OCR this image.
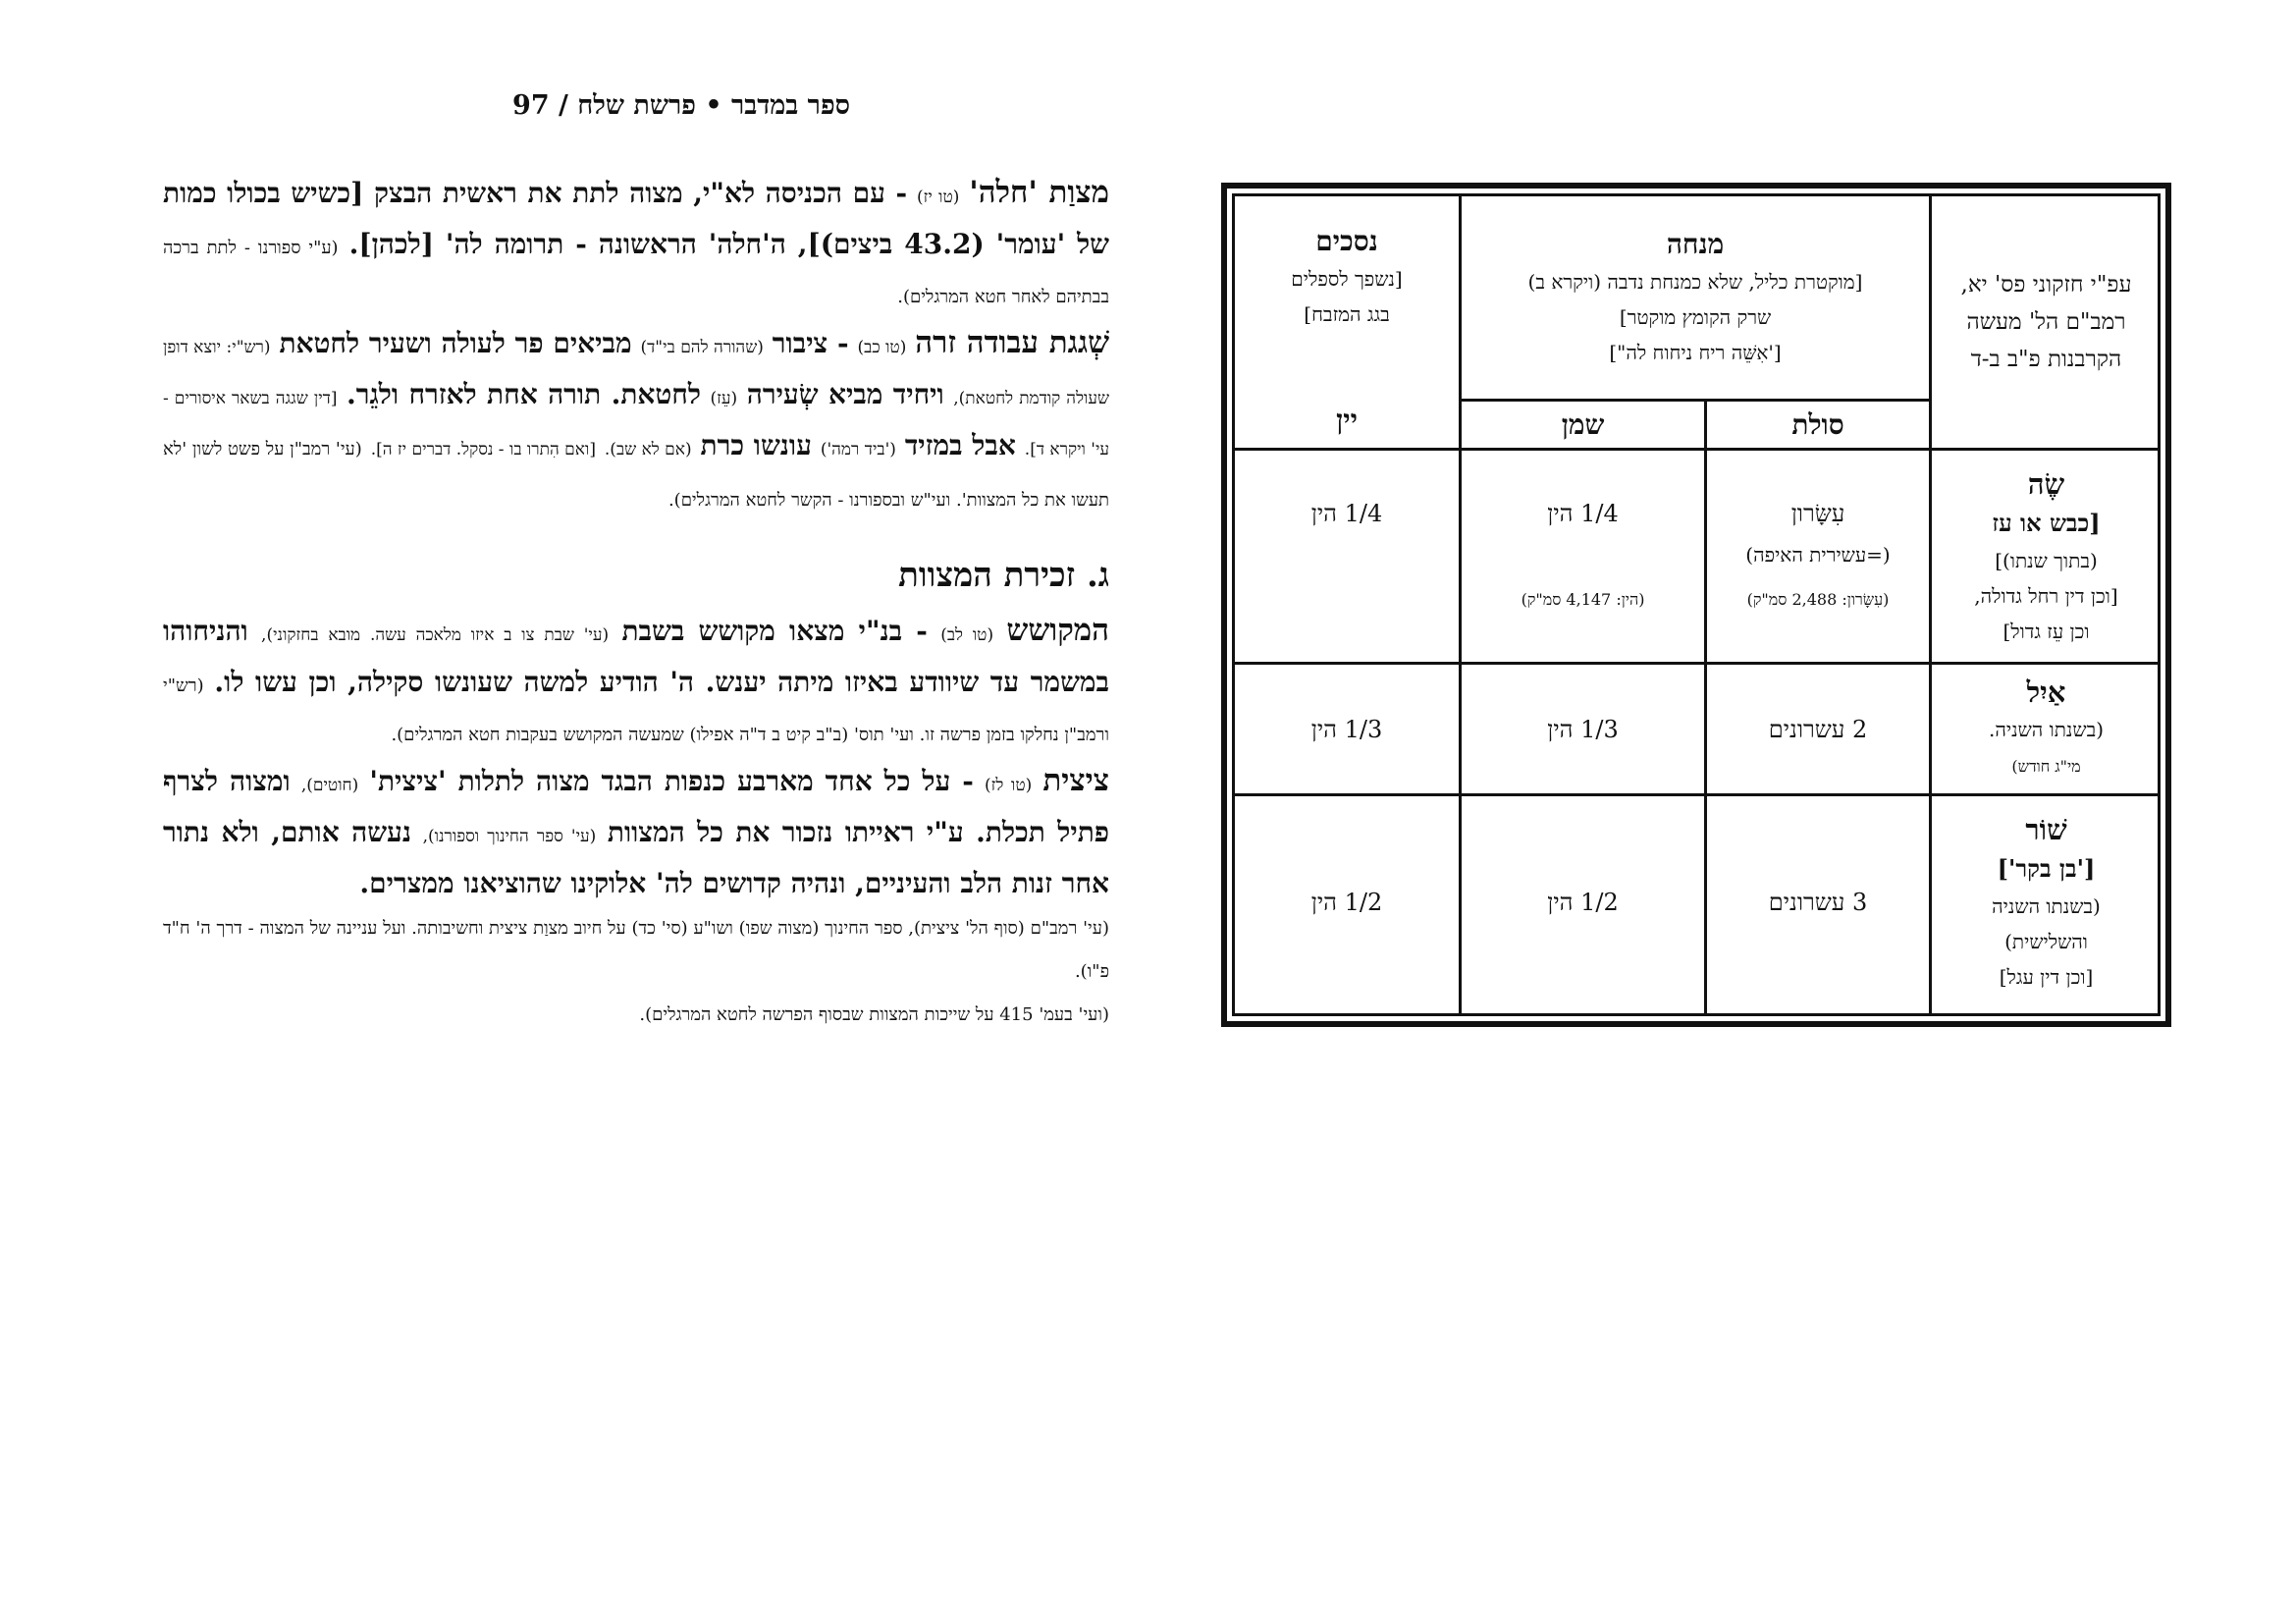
ספר במדבר • פרשת שלח / 97

מצוַת 'חלה' (טו יז) - עם הכניסה לא"י, מצוה לתת את ראשית הבצק [כשיש בכולו כמות של 'עומר' (43.2 ביצים)], ה'חלה' הראשונה - תרומה לה' [לכהן]. (ע"י ספורנו - לתת ברכה בבתיהם לאחר חטא המרגלים).

שְׁגגת עבודה זרה (טו כב) - ציבור (שהורה להם בי"ד) מביאים פר לעולה ושעיר לחטאת (רש"י: יוצא דופן שעולה קודמת לחטאת), ויחיד מביא שְׂעירה (עֵז) לחטאת. תורה אחת לאזרח ולגֵר. [דין שגגה בשאר איסורים - עי' ויקרא ד]. אבל במזיד ('ביד רמה') עונשו כרת (אם לא שב). [ואם הִתרו בו - נסקל. דברים יז ה]. (עי' רמב"ן על פשט לשון 'לא תעשו את כל המצוות'. ועי"ש ובספורנו - הקשר לחטא המרגלים).

ג. זכירת המצוות

המקושש (טו לב) - בנ"י מצאו מקושש בשבת (עי' שבת צו ב איזו מלאכה עשה. מובא בחזקוני), והניחוהו במשמר עד שיוודע באיזו מיתה יענש. ה' הודיע למשה שעונשו סקילה, וכן עשו לו. (רש"י ורמב"ן נחלקו בזמן פרשה זו. ועי' תוס' (ב"ב קיט ב ד"ה אפילו) שמעשה המקושש בעקבות חטא המרגלים).

ציצית (טו לז) - על כל אחד מארבע כנפות הבגד מצוה לתלות 'ציצית' (חוטים), ומצוה לצרף פתיל תכלת. ע"י ראייתו נזכור את כל המצוות (עי' ספר החינוך וספורנו), נעשה אותם, ולא נתור אחר זנות הלב והעיניים, ונהיה קדושים לה' אלוקינו שהוציאנו ממצרים.

(עי' רמב"ם (סוף הל' ציצית), ספר החינוך (מצוה שפו) ושו"ע (סי' כד) על חיוב מצוַת ציצית וחשיבותה. ועל עניינה של המצוה - דרך ה' ח"ד פ"ו).

(ועי' בעמ' 415 על שייכות המצוות שבסוף הפרשה לחטא המרגלים).

עפ"י חזקוני פס' יא,
רמב"ם הל' מעשה
הקרבנות פ"ב ב-ד
מנחה
[מוקטרת כליל, שלא כמנחת נדבה (ויקרא ב)
שרק הקומץ מוקטר]
['אִשֵּׁה ריח ניחוח לה"]
נסכים
[נשפך לספלים
בגג המזבח]
יין	שמן	סולת
שֶׂה
[כבש או עז
(בתוך שנתו)]
[וכן דין רחל גדולה,
וכן עֵז גדול]
עִשָּׂרון
(=עשירית האיפה)
(עִשָּׂרון: 2,488 סמ"ק)
1/4 הין
(הין: 4,147 סמ"ק)
1/4 הין
אַיִל
(בשנתו השניה.
מי"ג חודש)
2 עשרונים
1/3 הין
1/3 הין
שׁוֹר
['בן בקר']
(בשנתו השניה
והשלישית)
[וכן דין עגל]
3 עשרונים
1/2 הין
1/2 הין
